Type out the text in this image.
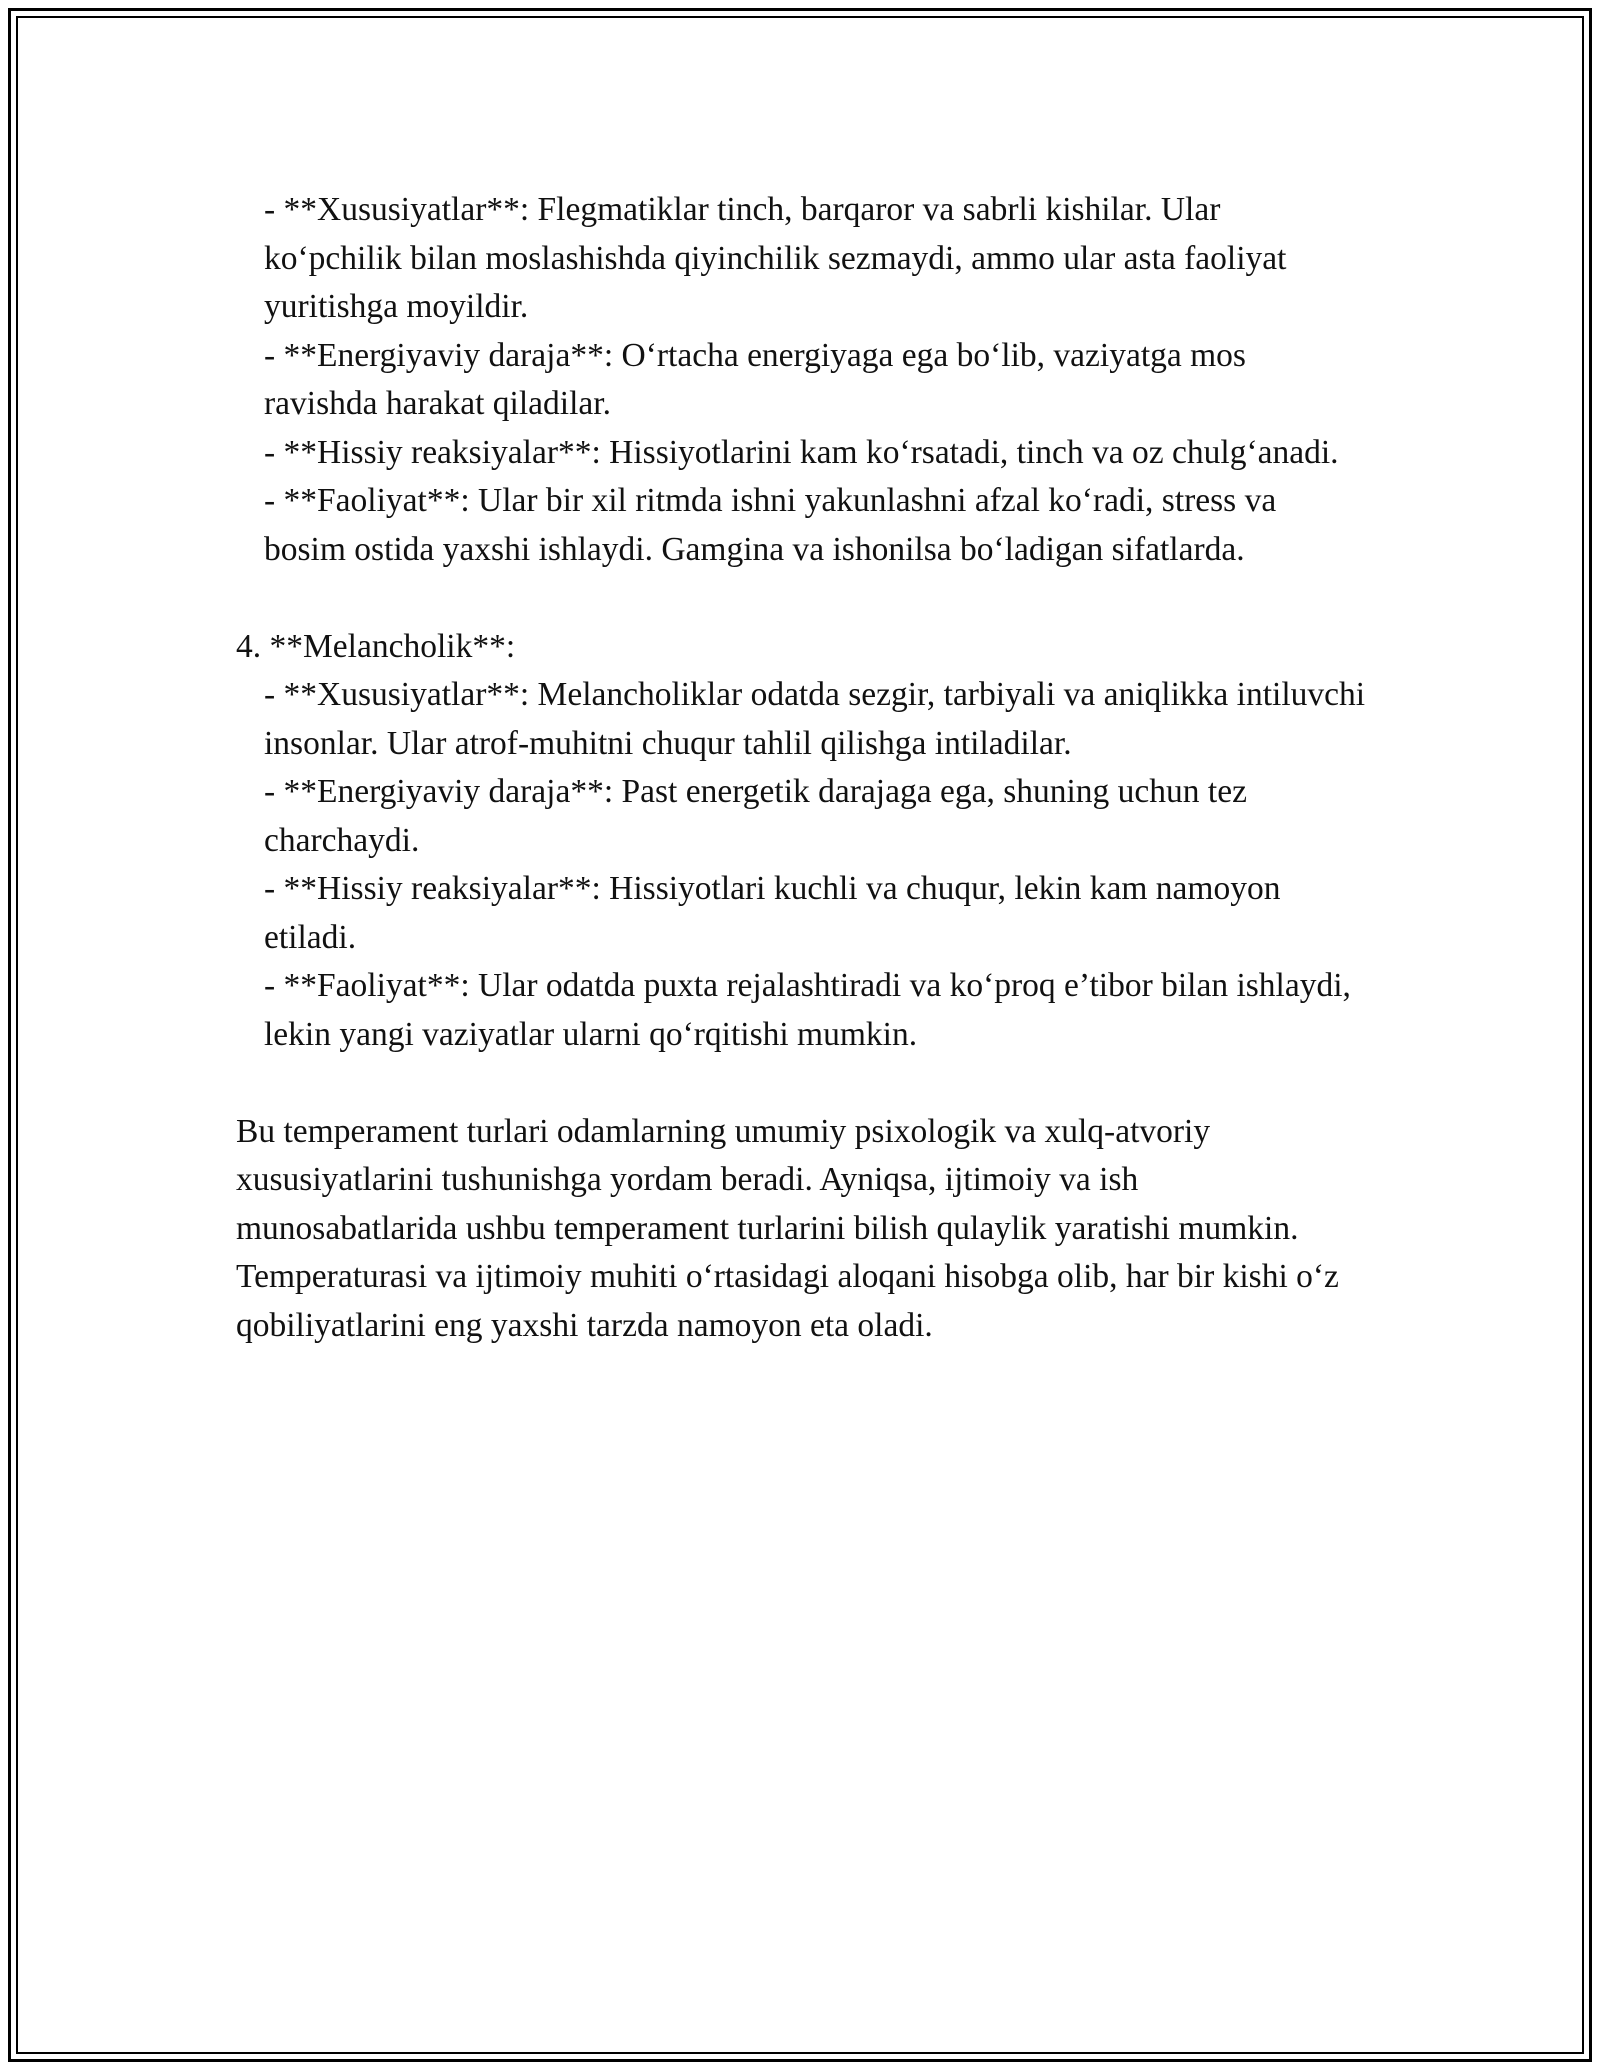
- **Xususiyatlar**: Flegmatiklar tinch, barqaror va sabrli kishilar. Ular ko‘pchilik bilan moslashishda qiyinchilik sezmaydi, ammo ular asta faoliyat yuritishga moyildir.

- **Energiyaviy daraja**: O‘rtacha energiyaga ega bo‘lib, vaziyatga mos ravishda harakat qiladilar.

- **Hissiy reaksiyalar**: Hissiyotlarini kam ko‘rsatadi, tinch va oz chulg‘anadi.

- **Faoliyat**: Ular bir xil ritmda ishni yakunlashni afzal ko‘radi, stress va bosim ostida yaxshi ishlaydi. Gamgina va ishonilsa bo‘ladigan sifatlarda.

4. **Melancholik**:

- **Xususiyatlar**: Melancholiklar odatda sezgir, tarbiyali va aniqlikka intiluvchi insonlar. Ular atrof-muhitni chuqur tahlil qilishga intiladilar.

- **Energiyaviy daraja**: Past energetik darajaga ega, shuning uchun tez charchaydi.

- **Hissiy reaksiyalar**: Hissiyotlari kuchli va chuqur, lekin kam namoyon etiladi.

- **Faoliyat**: Ular odatda puxta rejalashtiradi va ko‘proq e’tibor bilan ishlaydi, lekin yangi vaziyatlar ularni qo‘rqitishi mumkin.

Bu temperament turlari odamlarning umumiy psixologik va xulq-atvoriy xususiyatlarini tushunishga yordam beradi. Ayniqsa, ijtimoiy va ish munosabatlarida ushbu temperament turlarini bilish qulaylik yaratishi mumkin. Temperaturasi va ijtimoiy muhiti o‘rtasidagi aloqani hisobga olib, har bir kishi o‘z qobiliyatlarini eng yaxshi tarzda namoyon eta oladi.
